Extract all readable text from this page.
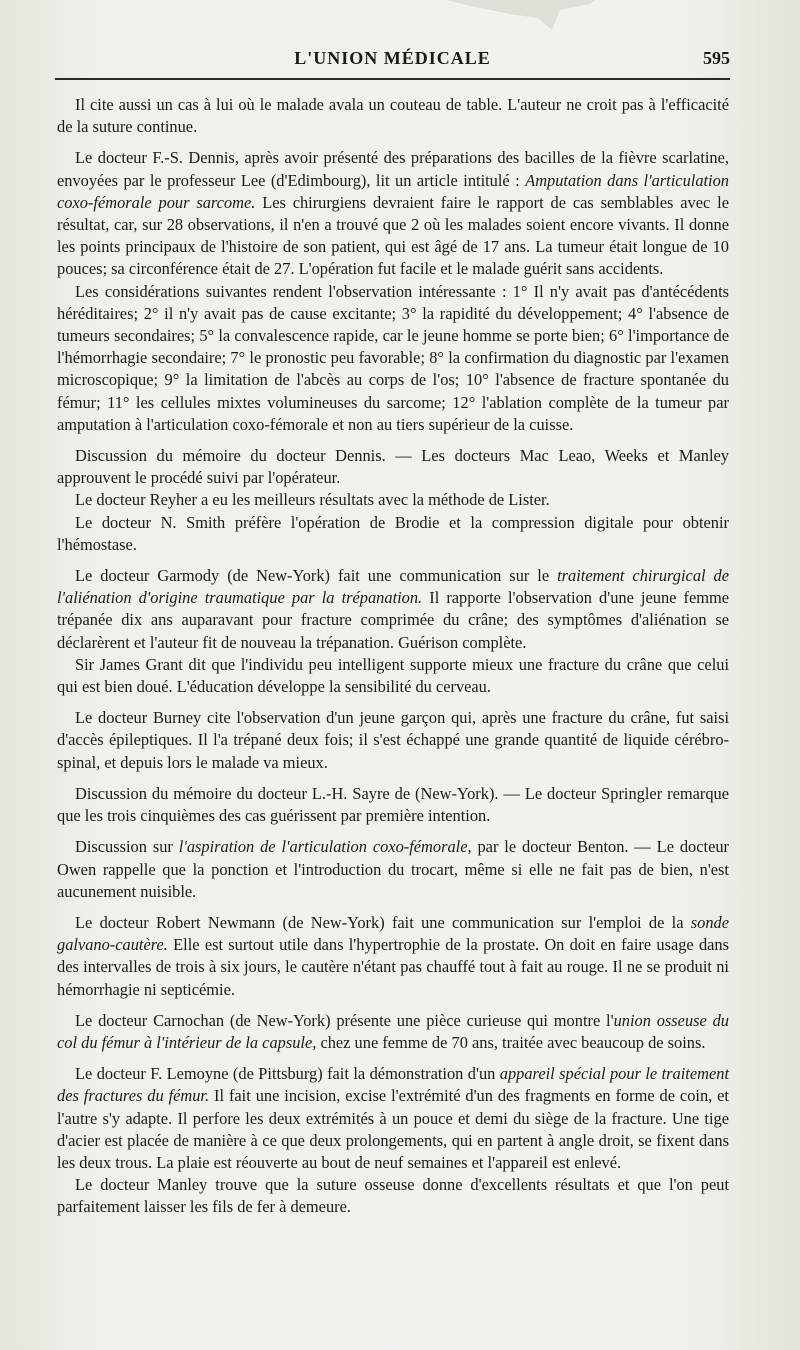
L'UNION MÉDICALE	595

Il cite aussi un cas à lui où le malade avala un couteau de table. L'auteur ne croit pas à l'efficacité de la suture continue.

Le docteur F.-S. Dennis, après avoir présenté des préparations des bacilles de la fièvre scarlatine, envoyées par le professeur Lee (d'Edimbourg), lit un article intitulé : Amputation dans l'articulation coxo-fémorale pour sarcome. Les chirurgiens devraient faire le rapport de cas semblables avec le résultat, car, sur 28 observations, il n'en a trouvé que 2 où les malades soient encore vivants. Il donne les points principaux de l'histoire de son patient, qui est âgé de 17 ans. La tumeur était longue de 10 pouces; sa circonférence était de 27. L'opération fut facile et le malade guérit sans accidents.

Les considérations suivantes rendent l'observation intéressante : 1° Il n'y avait pas d'antécédents héréditaires; 2° il n'y avait pas de cause excitante; 3° la rapidité du développement; 4° l'absence de tumeurs secondaires; 5° la convalescence rapide, car le jeune homme se porte bien; 6° l'importance de l'hémorrhagie secondaire; 7° le pronostic peu favorable; 8° la confirmation du diagnostic par l'examen microscopique; 9° la limitation de l'abcès au corps de l'os; 10° l'absence de fracture spontanée du fémur; 11° les cellules mixtes volumineuses du sarcome; 12° l'ablation complète de la tumeur par amputation à l'articulation coxo-fémorale et non au tiers supérieur de la cuisse.

Discussion du mémoire du docteur Dennis. — Les docteurs Mac Leao, Weeks et Manley approuvent le procédé suivi par l'opérateur.

Le docteur Reyher a eu les meilleurs résultats avec la méthode de Lister.

Le docteur N. Smith préfère l'opération de Brodie et la compression digitale pour obtenir l'hémostase.

Le docteur Garmody (de New-York) fait une communication sur le traitement chirurgical de l'aliénation d'origine traumatique par la trépanation. Il rapporte l'observation d'une jeune femme trépanée dix ans auparavant pour fracture comprimée du crâne; des symptômes d'aliénation se déclarèrent et l'auteur fit de nouveau la trépanation. Guérison complète.

Sir James Grant dit que l'individu peu intelligent supporte mieux une fracture du crâne que celui qui est bien doué. L'éducation développe la sensibilité du cerveau.

Le docteur Burney cite l'observation d'un jeune garçon qui, après une fracture du crâne, fut saisi d'accès épileptiques. Il l'a trépané deux fois; il s'est échappé une grande quantité de liquide cérébro-spinal, et depuis lors le malade va mieux.

Discussion du mémoire du docteur L.-H. Sayre de (New-York). — Le docteur Springler remarque que les trois cinquièmes des cas guérissent par première intention.

Discussion sur l'aspiration de l'articulation coxo-fémorale, par le docteur Benton. — Le docteur Owen rappelle que la ponction et l'introduction du trocart, même si elle ne fait pas de bien, n'est aucunement nuisible.

Le docteur Robert Newmann (de New-York) fait une communication sur l'emploi de la sonde galvano-cautère. Elle est surtout utile dans l'hypertrophie de la prostate. On doit en faire usage dans des intervalles de trois à six jours, le cautère n'étant pas chauffé tout à fait au rouge. Il ne se produit ni hémorrhagie ni septicémie.

Le docteur Carnochan (de New-York) présente une pièce curieuse qui montre l'union osseuse du col du fémur à l'intérieur de la capsule, chez une femme de 70 ans, traitée avec beaucoup de soins.

Le docteur F. Lemoyne (de Pittsburg) fait la démonstration d'un appareil spécial pour le traitement des fractures du fémur. Il fait une incision, excise l'extrémité d'un des fragments en forme de coin, et l'autre s'y adapte. Il perfore les deux extrémités à un pouce et demi du siège de la fracture. Une tige d'acier est placée de manière à ce que deux prolongements, qui en partent à angle droit, se fixent dans les deux trous. La plaie est réouverte au bout de neuf semaines et l'appareil est enlevé.

Le docteur Manley trouve que la suture osseuse donne d'excellents résultats et que l'on peut parfaitement laisser les fils de fer à demeure.
